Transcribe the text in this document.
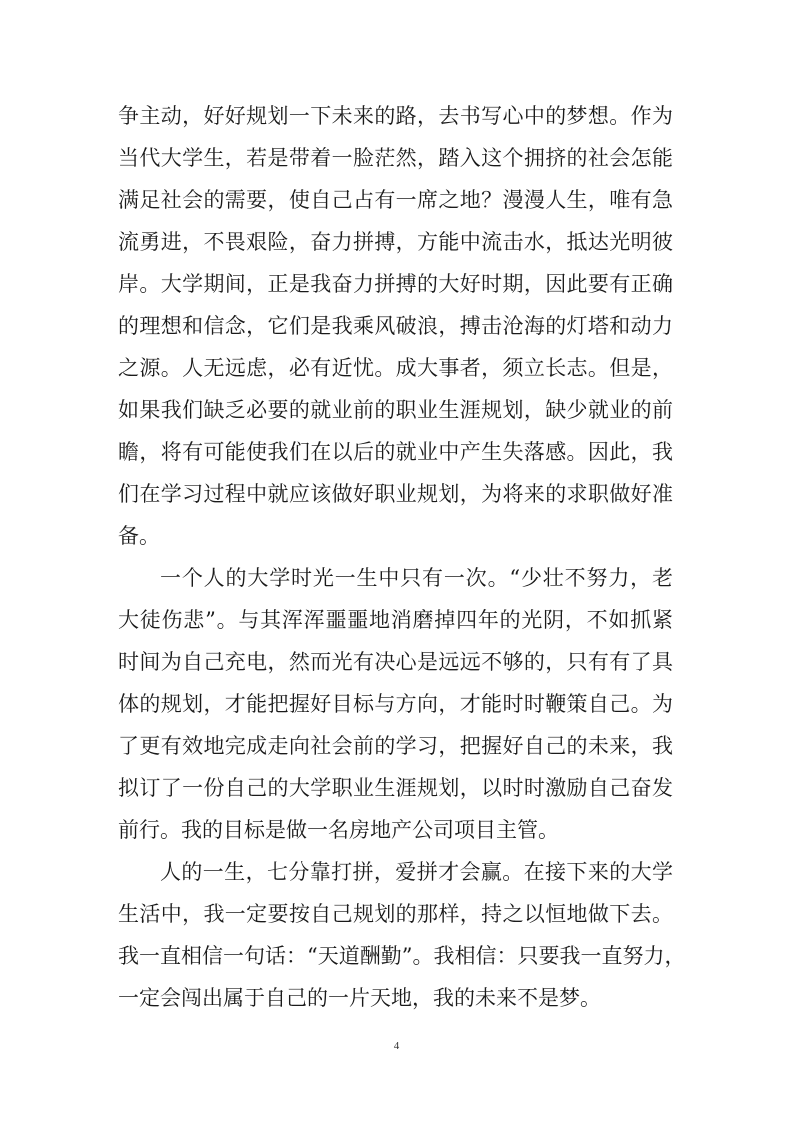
争主动，好好规划一下未来的路，去书写心中的梦想。作为
当代大学生，若是带着一脸茫然，踏入这个拥挤的社会怎能
满足社会的需要，使自己占有一席之地？漫漫人生，唯有急
流勇进，不畏艰险，奋力拼搏，方能中流击水，抵达光明彼
岸。大学期间，正是我奋力拼搏的大好时期，因此要有正确
的理想和信念，它们是我乘风破浪，搏击沧海的灯塔和动力
之源。人无远虑，必有近忧。成大事者，须立长志。但是，
如果我们缺乏必要的就业前的职业生涯规划，缺少就业的前
瞻，将有可能使我们在以后的就业中产生失落感。因此，我
们在学习过程中就应该做好职业规划，为将来的求职做好准
备。
一个人的大学时光一生中只有一次。“少壮不努力，老
大徒伤悲”。与其浑浑噩噩地消磨掉四年的光阴，不如抓紧
时间为自己充电，然而光有决心是远远不够的，只有有了具
体的规划，才能把握好目标与方向，才能时时鞭策自己。为
了更有效地完成走向社会前的学习，把握好自己的未来，我
拟订了一份自己的大学职业生涯规划，以时时激励自己奋发
前行。我的目标是做一名房地产公司项目主管。
人的一生，七分靠打拼，爱拼才会赢。在接下来的大学
生活中，我一定要按自己规划的那样，持之以恒地做下去。
我一直相信一句话：“天道酬勤”。我相信：只要我一直努力，
一定会闯出属于自己的一片天地，我的未来不是梦。
4
